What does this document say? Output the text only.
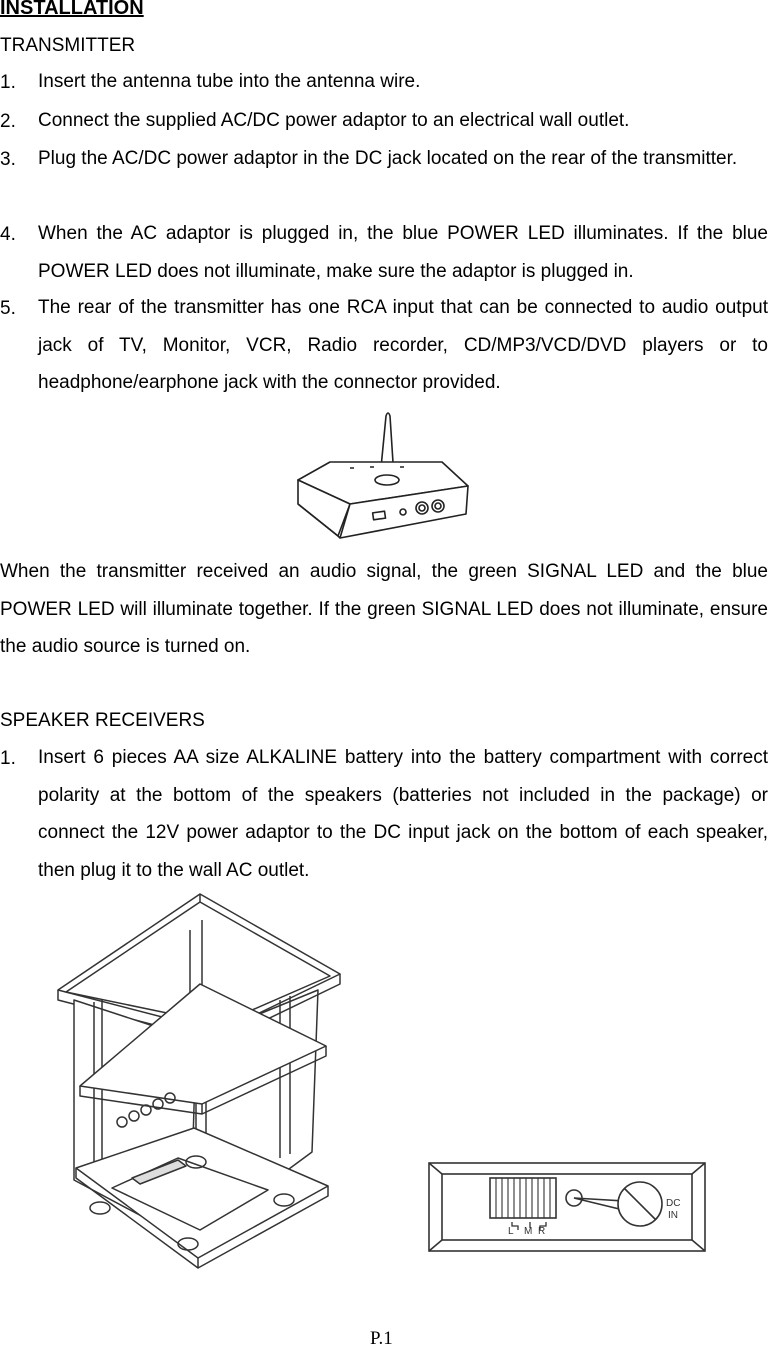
INSTALLATION
TRANSMITTER
1. Insert the antenna tube into the antenna wire.
2. Connect the supplied AC/DC power adaptor to an electrical wall outlet.
3. Plug the AC/DC power adaptor in the DC jack located on the rear of the transmitter.
4. When the AC adaptor is plugged in, the blue POWER LED illuminates. If the blue POWER LED does not illuminate, make sure the adaptor is plugged in.
5. The rear of the transmitter has one RCA input that can be connected to audio output jack of TV, Monitor, VCR, Radio recorder, CD/MP3/VCD/DVD players or to headphone/earphone jack with the connector provided.
When the transmitter received an audio signal, the green SIGNAL LED and the blue POWER LED will illuminate together. If the green SIGNAL LED does not illuminate, ensure the audio source is turned on.
SPEAKER RECEIVERS
1. Insert 6 pieces AA size ALKALINE battery into the battery compartment with correct polarity at the bottom of the speakers (batteries not included in the package) or connect the 12V power adaptor to the DC input jack on the bottom of each speaker, then plug it to the wall AC outlet.
L M R
DC
IN
P.1
